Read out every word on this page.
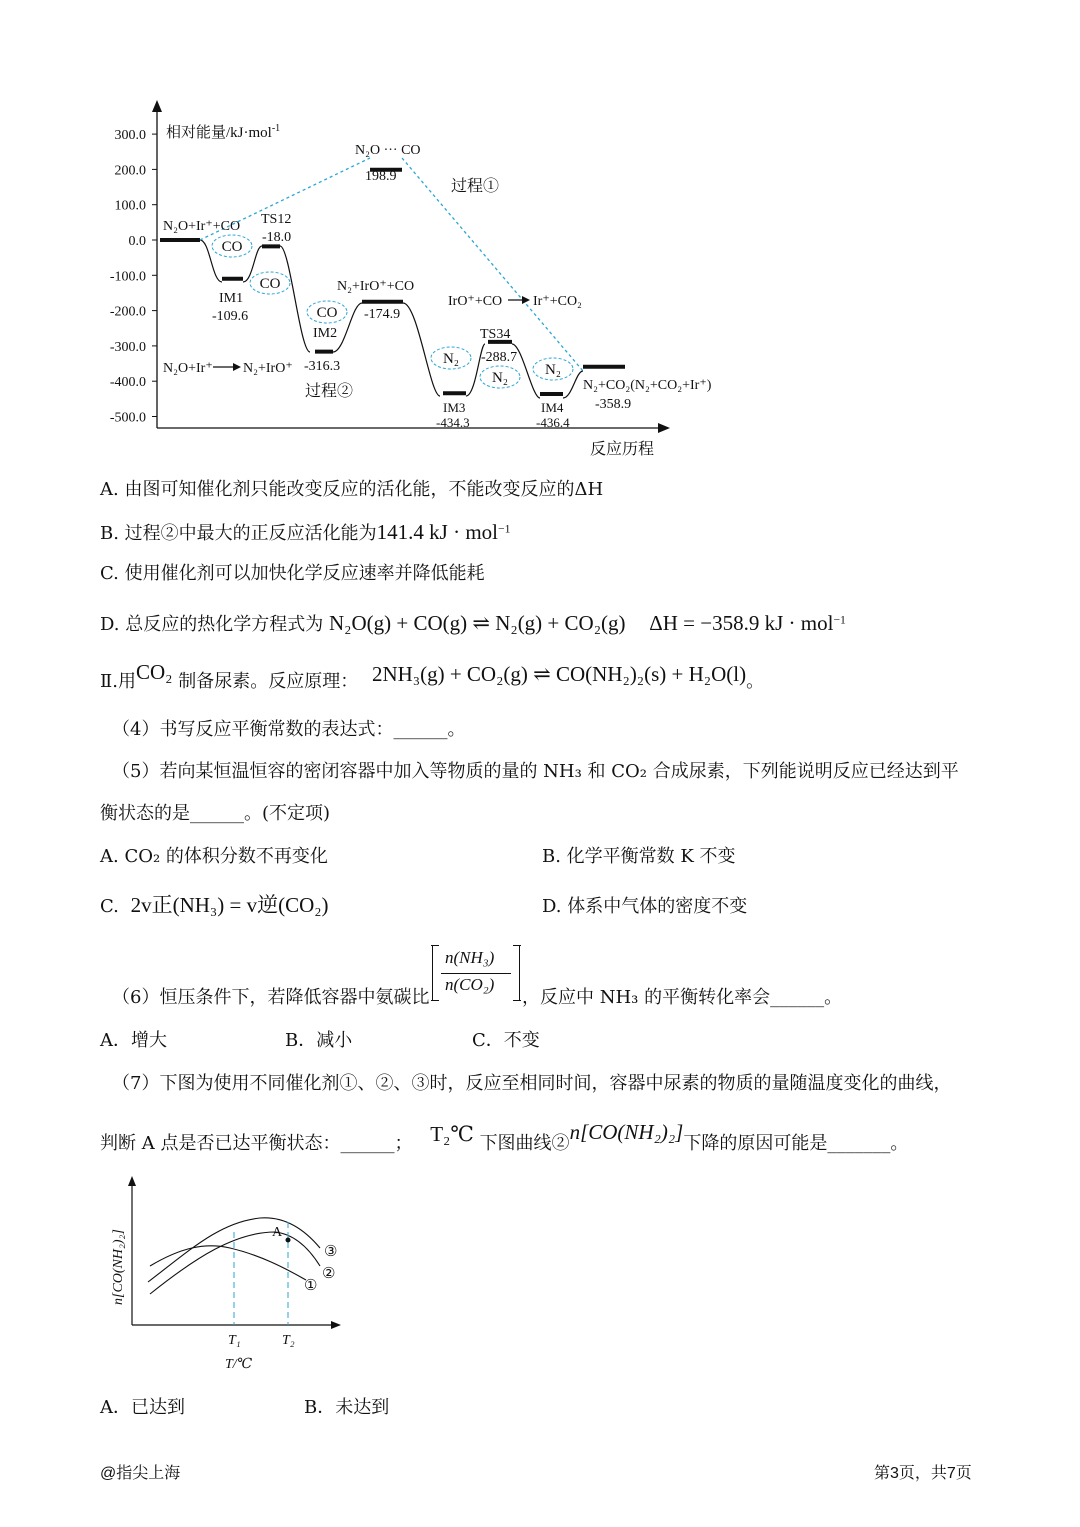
300.0
200.0
100.0
0.0
-100.0
-200.0
-300.0
-400.0
-500.0
相对能量/kJ·mol$^{-1}$
反应历程
CO
CO
CO
N₂
N₂ N₂
N₂O+Ir⁺+CO TS12
-18.0
IM1
-109.6
IM2
-316.3
N₂+IrO⁺+CO
-174.9
TS34
-288.7
IM3
-434.3
IM4
-436.4
N₂+CO₂(N₂+CO₂+Ir⁺)
-358.9
N₂O ··· CO
198.9
过程①
过程②
N₂O+Ir⁺ N₂+IrO⁺
IrO⁺+CO Ir⁺+CO₂
A. 由图可知催化剂只能改变反应的活化能，不能改变反应的ΔH
B. 过程②中最大的正反应活化能为141.4 kJ · mol$^{-1}$
C. 使用催化剂可以加快化学反应速率并降低能耗
D. 总反应的热化学方程式为 N₂O(g) + CO(g) ⇌ N₂(g) + CO₂(g) ΔH = −358.9 kJ · mol$^{-1}$
Ⅱ.用CO₂ 制备尿素。反应原理： 2NH₃(g) + CO₂(g) ⇌ CO(NH₂)₂(s) + H₂O(l)。
（4）书写反应平衡常数的表达式：______。
（5）若向某恒温恒容的密闭容器中加入等物质的量的 NH₃ 和 CO₂ 合成尿素，下列能说明反应已经达到平
衡状态的是______。(不定项)
A. CO₂ 的体积分数不再变化	B. 化学平衡常数 K 不变
C. 2v正(NH₃) = v逆(CO₂)	D. 体系中气体的密度不变
（6）恒压条件下，若降低容器中氨碳比
n(NH₃)
n(CO₂)
，反应中 NH₃ 的平衡转化率会______。
A．增大	B．减小	C．不变
（7）下图为使用不同催化剂①、②、③时，反应至相同时间，容器中尿素的物质的量随温度变化的曲线，
判断 A 点是否已达平衡状态：______； T₂℃ 下图曲线②n[CO(NH₂)₂]下降的原因可能是_______。
A
③
②
①
T₁	T₂
T/℃
n[CO(NH₂)₂]
A．已达到	B．未达到
@指尖上海	第3页，共7页
